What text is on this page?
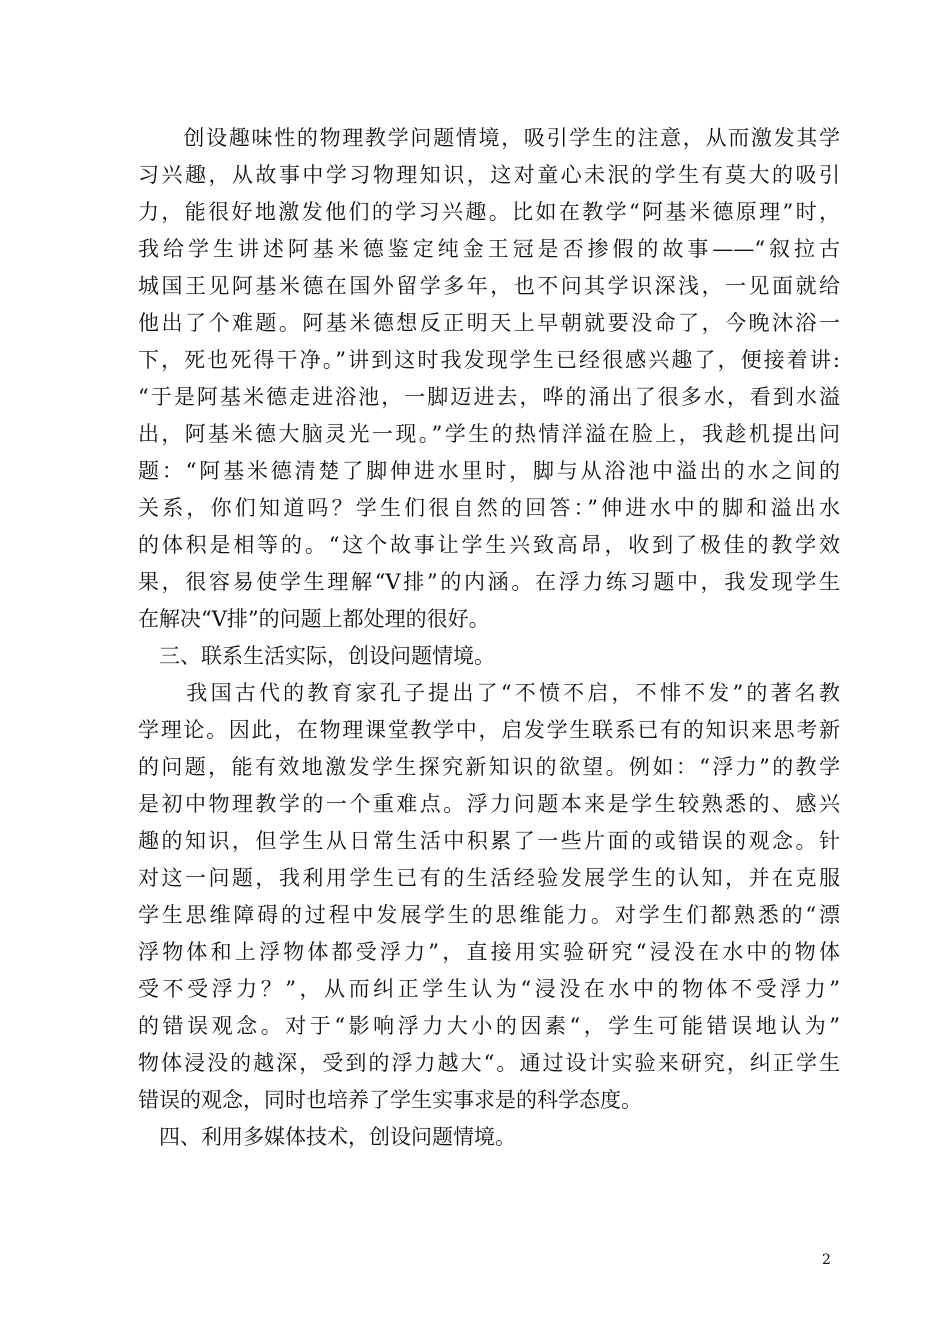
　　创设趣味性的物理教学问题情境，吸引学生的注意，从而激发其学
习兴趣，从故事中学习物理知识，这对童心未泯的学生有莫大的吸引
力，能很好地激发他们的学习兴趣。比如在教学“阿基米德原理”时，
我给学生讲述阿基米德鉴定纯金王冠是否掺假的故事——“叙拉古
城国王见阿基米德在国外留学多年，也不问其学识深浅，一见面就给
他出了个难题。阿基米德想反正明天上早朝就要没命了，今晚沐浴一
下，死也死得干净。”讲到这时我发现学生已经很感兴趣了，便接着讲:
“于是阿基米德走进浴池，一脚迈进去，哗的涌出了很多水，看到水溢
出，阿基米德大脑灵光一现。”学生的热情洋溢在脸上，我趁机提出问
题：“阿基米德清楚了脚伸进水里时，脚与从浴池中溢出的水之间的
关系，你们知道吗？学生们很自然的回答：”伸进水中的脚和溢出水
的体积是相等的。“这个故事让学生兴致高昂，收到了极佳的教学效
果，很容易使学生理解“V排”的内涵。在浮力练习题中，我发现学生
在解决“V排”的问题上都处理的很好。
　三、联系生活实际，创设问题情境。
　　我国古代的教育家孔子提出了“不愤不启，不悱不发”的著名教
学理论。因此，在物理课堂教学中，启发学生联系已有的知识来思考新
的问题，能有效地激发学生探究新知识的欲望。例如：“浮力”的教学
是初中物理教学的一个重难点。浮力问题本来是学生较熟悉的、感兴
趣的知识，但学生从日常生活中积累了一些片面的或错误的观念。针
对这一问题，我利用学生已有的生活经验发展学生的认知，并在克服
学生思维障碍的过程中发展学生的思维能力。对学生们都熟悉的“漂
浮物体和上浮物体都受浮力”，直接用实验研究“浸没在水中的物体
受不受浮力？”，从而纠正学生认为“浸没在水中的物体不受浮力”
的错误观念。对于“影响浮力大小的因素“，学生可能错误地认为”
物体浸没的越深，受到的浮力越大“。通过设计实验来研究，纠正学生
错误的观念，同时也培养了学生实事求是的科学态度。
　四、利用多媒体技术，创设问题情境。
2
